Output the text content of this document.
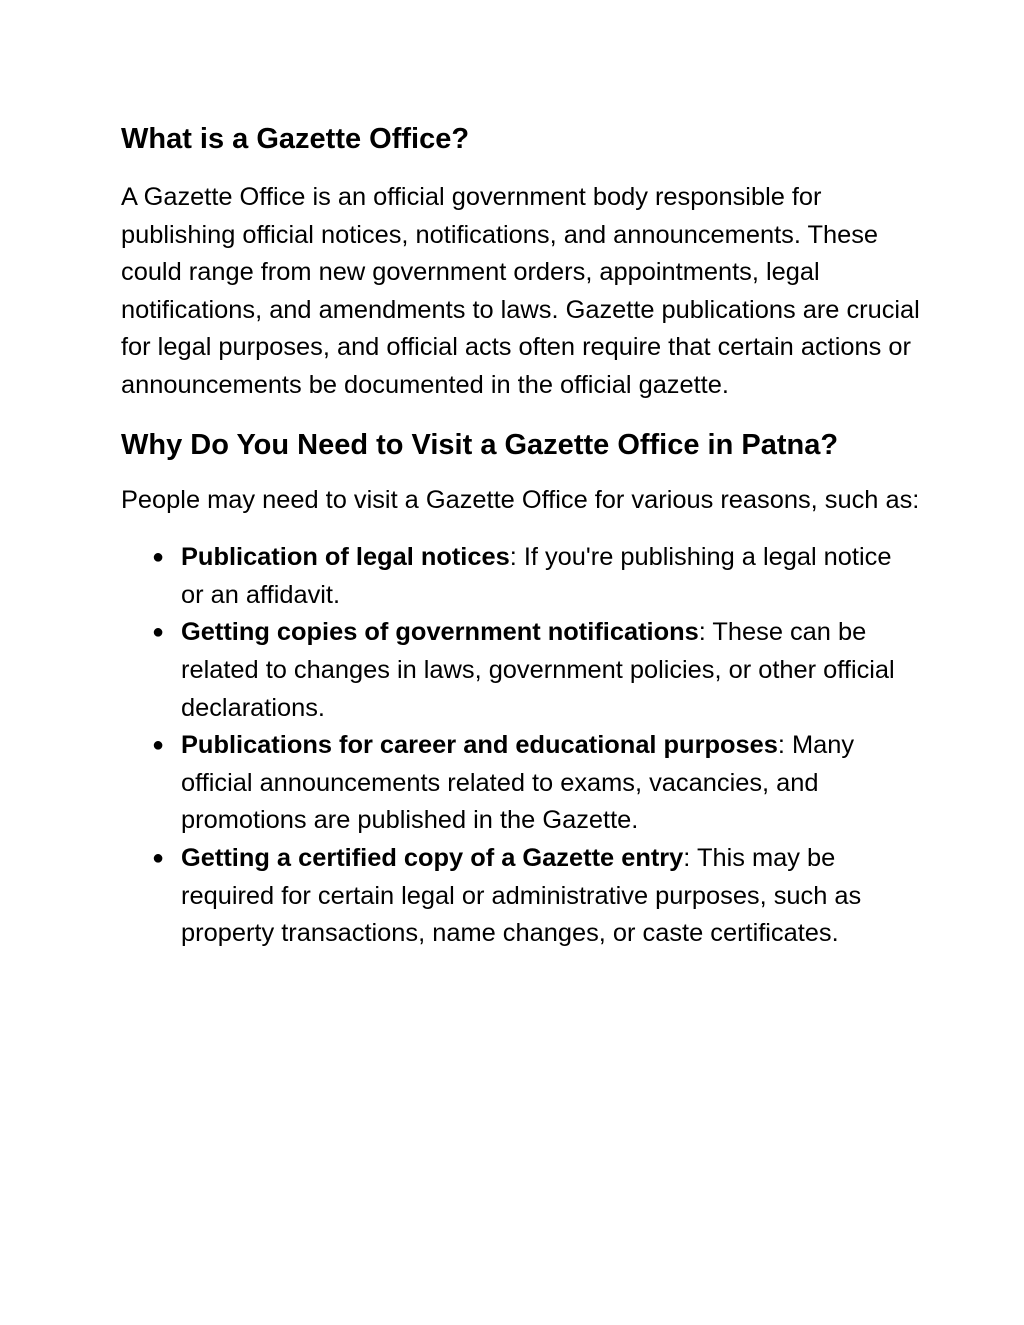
What is a Gazette Office?

A Gazette Office is an official government body responsible for publishing official notices, notifications, and announcements. These could range from new government orders, appointments, legal notifications, and amendments to laws. Gazette publications are crucial for legal purposes, and official acts often require that certain actions or announcements be documented in the official gazette.

Why Do You Need to Visit a Gazette Office in Patna?

People may need to visit a Gazette Office for various reasons, such as:

● Publication of legal notices: If you're publishing a legal notice or an affidavit.
● Getting copies of government notifications: These can be related to changes in laws, government policies, or other official declarations.
● Publications for career and educational purposes: Many official announcements related to exams, vacancies, and promotions are published in the Gazette.
● Getting a certified copy of a Gazette entry: This may be required for certain legal or administrative purposes, such as property transactions, name changes, or caste certificates.
